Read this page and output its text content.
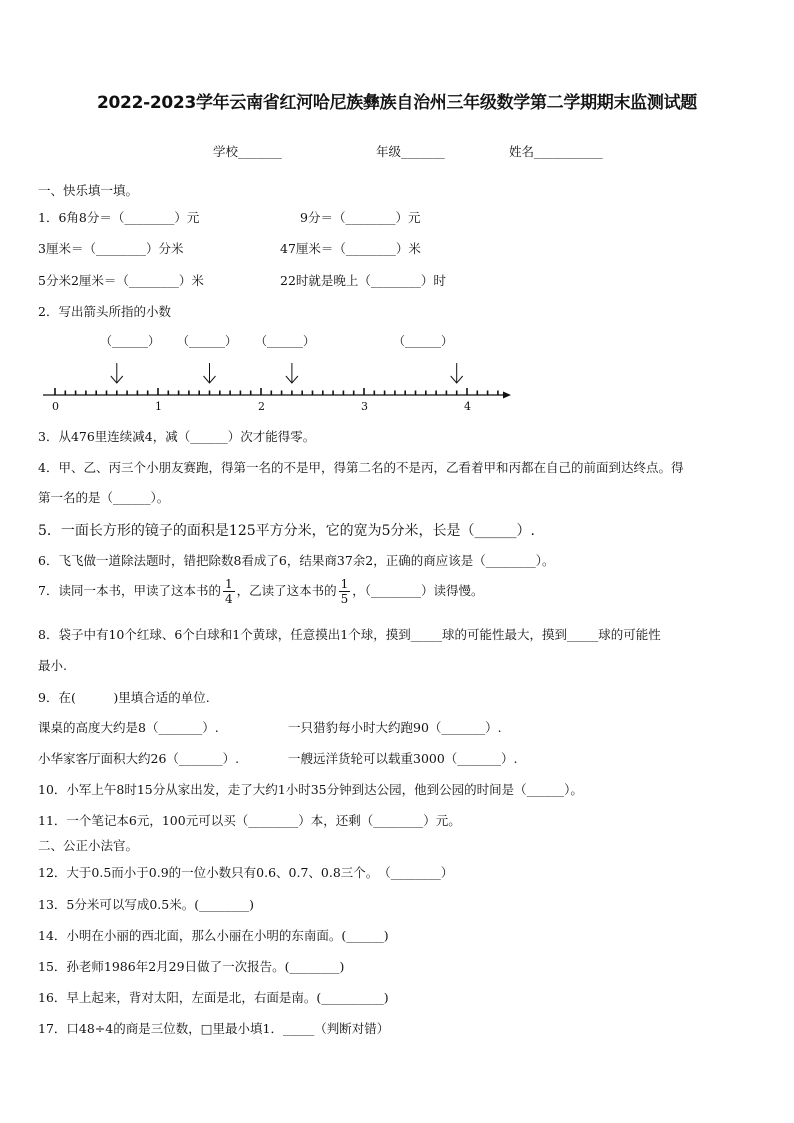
2022-2023学年云南省红河哈尼族彝族自治州三年级数学第二学期期末监测试题
学校_______	年级_______	姓名___________
一、快乐填一填。
1．6角8分＝（________）元	9分＝（________）元
3厘米＝（________）分米	47厘米＝（________）米
5分米2厘米＝（________）米	22时就是晚上（________）时
2．写出箭头所指的小数
（______） （______） （______）	（______）
0	1	2	3	4
3．从476里连续减4，减（______）次才能得零。
4．甲、乙、丙三个小朋友赛跑，得第一名的不是甲，得第二名的不是丙，乙看着甲和丙都在自己的前面到达终点。得
第一名的是（______）。
5．一面长方形的镜子的面积是125平方分米，它的宽为5分米，长是（______）.
6．飞飞做一道除法题时，错把除数8看成了6，结果商37余2，正确的商应该是（________）。
7．读同一本书，甲读了这本书的 $\frac{1}{4}$ ，乙读了这本书的 $\frac{1}{5}$ ，（________）读得慢。
8．袋子中有10个红球、6个白球和1个黄球，任意摸出1个球，摸到_____球的可能性最大，摸到_____球的可能性
最小.
9．在(　　　)里填合适的单位.
课桌的高度大约是8（_______）.	一只猎豹每小时大约跑90（_______）.
小华家客厅面积大约26（_______）.	一艘远洋货轮可以载重3000（_______）.
10．小军上午8时15分从家出发，走了大约1小时35分钟到达公园，他到公园的时间是（______）。
11．一个笔记本6元，100元可以买（________）本，还剩（________）元。
二、公正小法官。
12．大于0.5而小于0.9的一位小数只有0.6、0.7、0.8三个。　（________）
13．5分米可以写成0.5米。(________)
14．小明在小丽的西北面，那么小丽在小明的东南面。(______)
15．孙老师1986年2月29日做了一次报告。(________)
16．早上起来，背对太阳，左面是北，右面是南。(__________)
17．口48÷4的商是三位数，□里最小填1．_____（判断对错）
